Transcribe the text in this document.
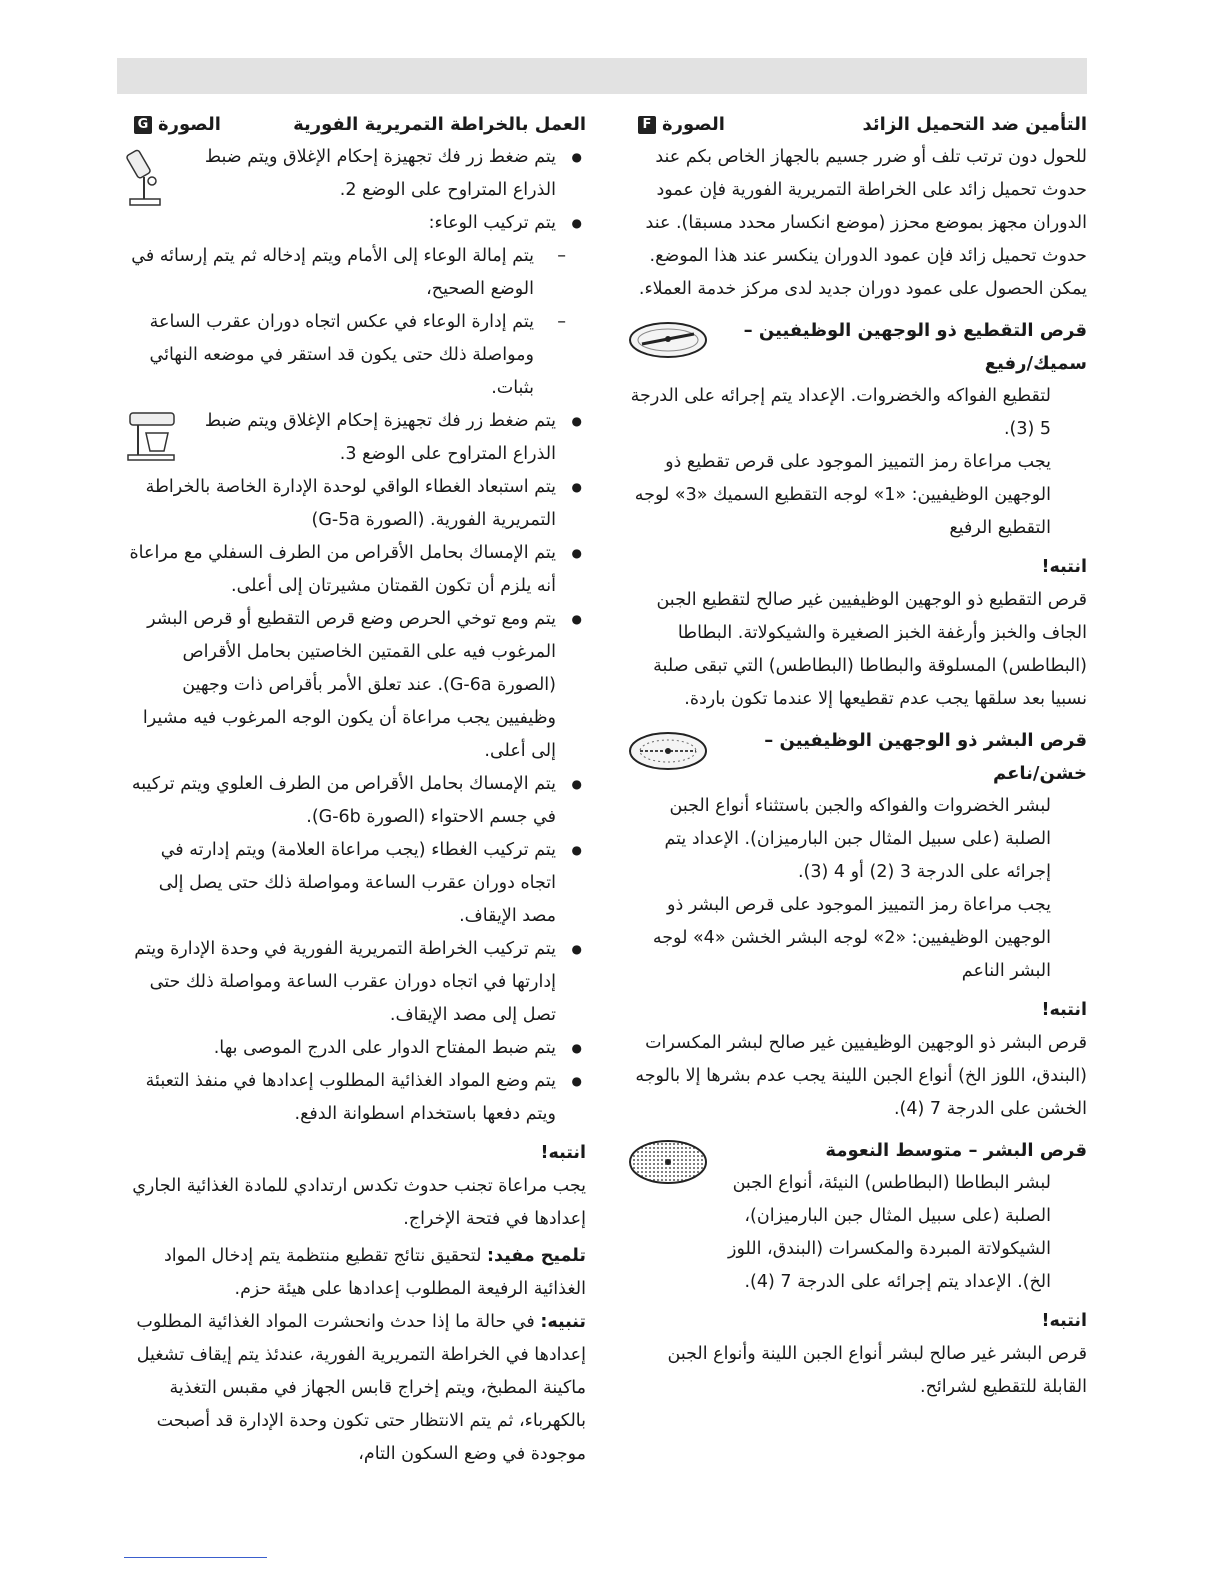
التأمين ضد التحميل الزائد
الصورة
F

للحول دون ترتب تلف أو ضرر جسيم بالجهاز الخاص بكم عند حدوث تحميل زائد على الخراطة التمريرية الفورية فإن عمود الدوران مجهز بموضع محزز (موضع انكسار محدد مسبقا). عند حدوث تحميل زائد فإن عمود الدوران ينكسر عند هذا الموضع. يمكن الحصول على عمود دوران جديد لدى مركز خدمة العملاء.

قرص التقطيع ذو الوجهين الوظيفيين – سميك/رفيع

لتقطيع الفواكه والخضروات. الإعداد يتم إجرائه على الدرجة 5 (3).

يجب مراعاة رمز التمييز الموجود على قرص تقطيع ذو الوجهين الوظيفيين: «1» لوجه التقطيع السميك «3» لوجه التقطيع الرفيع

انتبه!

قرص التقطيع ذو الوجهين الوظيفيين غير صالح لتقطيع الجبن الجاف والخبز وأرغفة الخبز الصغيرة والشيكولاتة. البطاطا (البطاطس) المسلوقة والبطاطا (البطاطس) التي تبقى صلبة نسبيا بعد سلقها يجب عدم تقطيعها إلا عندما تكون باردة.

قرص البشر ذو الوجهين الوظيفيين – خشن/ناعم

لبشر الخضروات والفواكه والجبن باستثناء أنواع الجبن الصلبة (على سبيل المثال جبن البارميزان). الإعداد يتم إجرائه على الدرجة 3 (2) أو 4 (3).

يجب مراعاة رمز التمييز الموجود على قرص البشر ذو الوجهين الوظيفيين: «2» لوجه البشر الخشن «4» لوجه البشر الناعم

انتبه!

قرص البشر ذو الوجهين الوظيفيين غير صالح لبشر المكسرات (البندق، اللوز الخ) أنواع الجبن اللينة يجب عدم بشرها إلا بالوجه الخشن على الدرجة 7 (4).

قرص البشر – متوسط النعومة

لبشر البطاطا (البطاطس) النيئة، أنواع الجبن الصلبة (على سبيل المثال جبن البارميزان)، الشيكولاتة المبردة والمكسرات (البندق، اللوز الخ). الإعداد يتم إجرائه على الدرجة 7 (4).

انتبه!

قرص البشر غير صالح لبشر أنواع الجبن اللينة وأنواع الجبن القابلة للتقطيع لشرائح.

العمل بالخراطة التمريرية الفورية
الصورة
G
● يتم ضغط زر فك تجهيزة إحكام الإغلاق ويتم ضبط الذراع المتراوح على الوضع 2.
● يتم تركيب الوعاء:
– يتم إمالة الوعاء إلى الأمام ويتم إدخاله ثم يتم إرسائه في الوضع الصحيح،
– يتم إدارة الوعاء في عكس اتجاه دوران عقرب الساعة ومواصلة ذلك حتى يكون قد استقر في موضعه النهائي بثبات.
● يتم ضغط زر فك تجهيزة إحكام الإغلاق ويتم ضبط الذراع المتراوح على الوضع 3.
● يتم استبعاد الغطاء الواقي لوحدة الإدارة الخاصة بالخراطة التمريرية الفورية. (الصورة G-5a)
● يتم الإمساك بحامل الأقراص من الطرف السفلي مع مراعاة أنه يلزم أن تكون القمتان مشيرتان إلى أعلى.
● يتم ومع توخي الحرص وضع قرص التقطيع أو قرص البشر المرغوب فيه على القمتين الخاصتين بحامل الأقراص (الصورة G-6a). عند تعلق الأمر بأقراص ذات وجهين وظيفيين يجب مراعاة أن يكون الوجه المرغوب فيه مشيرا إلى أعلى.
● يتم الإمساك بحامل الأقراص من الطرف العلوي ويتم تركيبه في جسم الاحتواء (الصورة G-6b).
● يتم تركيب الغطاء (يجب مراعاة العلامة) ويتم إدارته في اتجاه دوران عقرب الساعة ومواصلة ذلك حتى يصل إلى مصد الإيقاف.
● يتم تركيب الخراطة التمريرية الفورية في وحدة الإدارة ويتم إدارتها في اتجاه دوران عقرب الساعة ومواصلة ذلك حتى تصل إلى مصد الإيقاف.
● يتم ضبط المفتاح الدوار على الدرج الموصى بها.
● يتم وضع المواد الغذائية المطلوب إعدادها في منفذ التعبئة ويتم دفعها باستخدام اسطوانة الدفع.
انتبه!

يجب مراعاة تجنب حدوث تكدس ارتدادي للمادة الغذائية الجاري إعدادها في فتحة الإخراج.

تلميح مفيد: لتحقيق نتائج تقطيع منتظمة يتم إدخال المواد الغذائية الرفيعة المطلوب إعدادها على هيئة حزم.

تنبيه: في حالة ما إذا حدث وانحشرت المواد الغذائية المطلوب إعدادها في الخراطة التمريرية الفورية، عندئذ يتم إيقاف تشغيل ماكينة المطبخ، ويتم إخراج قابس الجهاز في مقبس التغذية بالكهرباء، ثم يتم الانتظار حتى تكون وحدة الإدارة قد أصبحت موجودة في وضع السكون التام،
